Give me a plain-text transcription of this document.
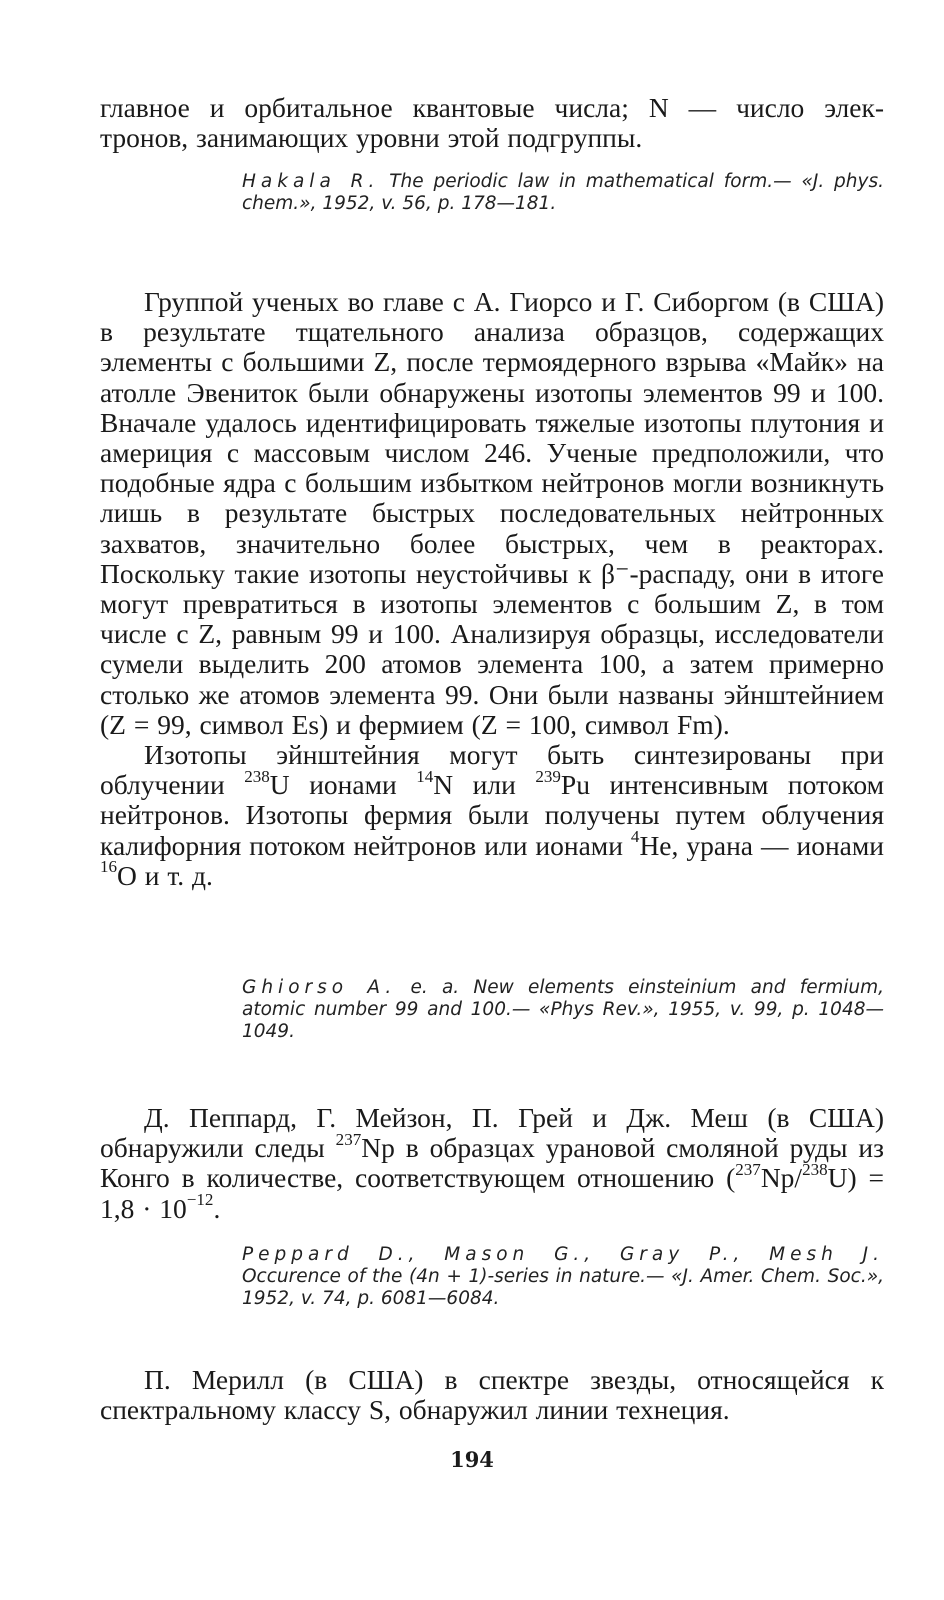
главное и орбитальное квантовые числа; N — число элек-

тронов, занимающих уровни этой подгруппы.

Hakala R. The periodic law in mathematical form.— «J. phys. chem.», 1952, v. 56, p. 178—181.

Группой ученых во главе с А. Гиорсо и Г. Сиборгом (в США) в результате тщательного анализа образцов, содержащих элементы с большими Z, после термоядерного взрыва «Майк» на атолле Эвениток были обнаружены изотопы элементов 99 и 100. Вначале удалось идентифицировать тяжелые изотопы плутония и америция с массовым числом 246. Ученые предположили, что подобные ядра с большим избытком нейтронов могли возникнуть лишь в результате быстрых последовательных нейтронных захватов, значительно более быстрых, чем в реакторах. Поскольку такие изотопы неустойчивы к β⁻-распаду, они в итоге могут превратиться в изотопы элементов с большим Z, в том числе с Z, равным 99 и 100. Анализируя образцы, исследователи сумели выделить 200 атомов элемента 100, а затем примерно столько же атомов элемента 99. Они были названы эйнштейнием (Z = 99, символ Es) и фермием (Z = 100, символ Fm).

Изотопы эйнштейния могут быть синтезированы при облучении $^{238}$U ионами $^{14}$N или $^{239}$Pu интенсивным потоком нейтронов. Изотопы фермия были получены путем облучения калифорния потоком нейтронов или ионами $^4$He, урана — ионами $^{16}$O и т. д.

Ghiorso A. e. a. New elements einsteinium and fermium, atomic number 99 and 100.— «Phys Rev.», 1955, v. 99, p. 1048—1049.

Д. Пеппард, Г. Мейзон, П. Грей и Дж. Меш (в США) обнаружили следы $^{237}$Np в образцах урановой смоляной руды из Конго в количестве, соответствующем отношению $(^{237}Np/^{238}U) = 1,8 \cdot 10^{-12}$.

Peppard D., Mason G., Gray P., Mesh J. Occurence of the (4n + 1)-series in nature.— «J. Amer. Chem. Soc.», 1952, v. 74, p. 6081—6084.

П. Мерилл (в США) в спектре звезды, относящейся к спектральному классу S, обнаружил линии технеция.

194
